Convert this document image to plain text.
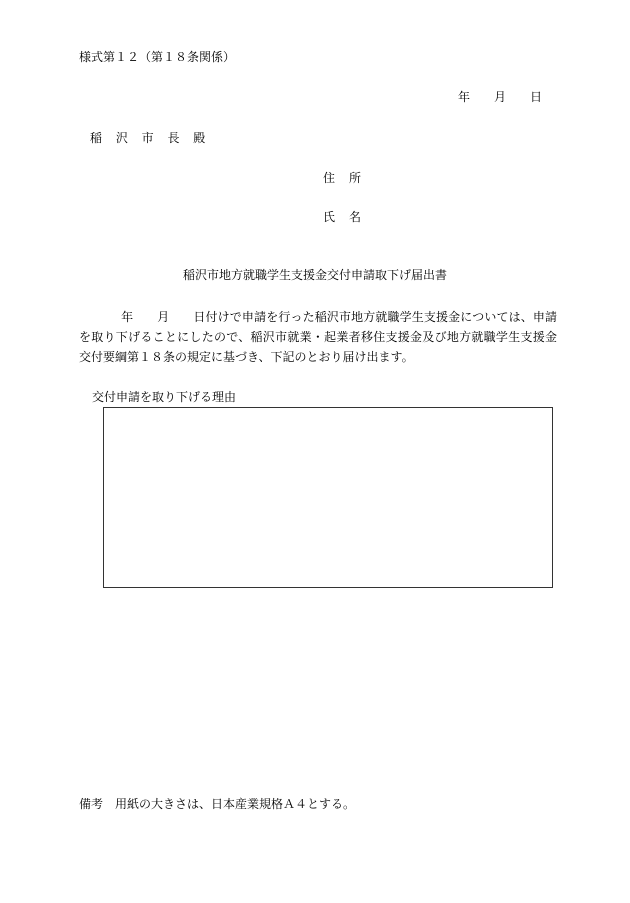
様式第１２（第１８条関係）
年 月 日
稲 沢 市 長 殿
住所
氏名
稲沢市地方就職学生支援金交付申請取下げ届出書
年 月 日付けで申請を行った稲沢市地方就職学生支援金については、申請を取り下げることにしたので、稲沢市就業・起業者移住支援金及び地方就職学生支援金交付要綱第１８条の規定に基づき、下記のとおり届け出ます。
交付申請を取り下げる理由
備考　用紙の大きさは、日本産業規格Ａ４とする。
